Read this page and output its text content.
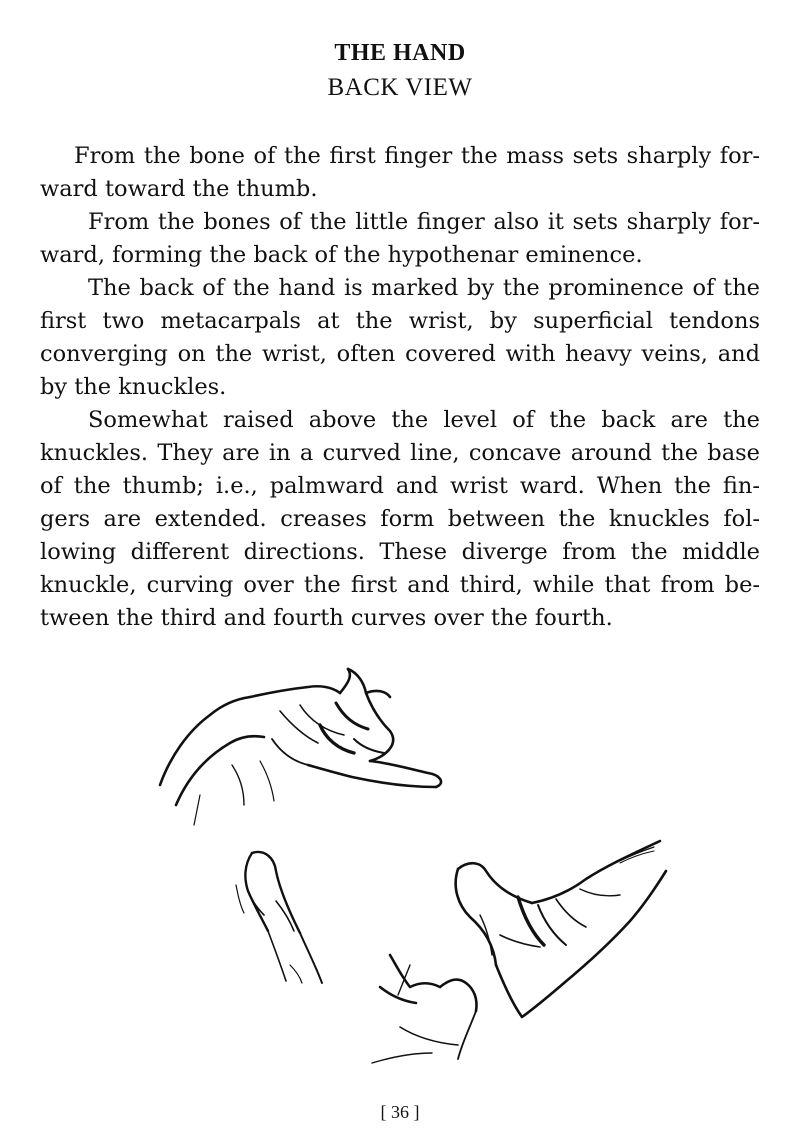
THE HAND
BACK VIEW

From the bone of the first finger the mass sets sharply for-ward toward the thumb.

From the bones of the little finger also it sets sharply for-ward, forming the back of the hypothenar eminence.

The back of the hand is marked by the prominence of the first two metacarpals at the wrist, by superficial tendons converging on the wrist, often covered with heavy veins, and by the knuckles.

Somewhat raised above the level of the back are the knuckles. They are in a curved line, concave around the base of the thumb; i.e., palmward and wrist ward. When the fin-gers are extended. creases form between the knuckles fol-lowing different directions. These diverge from the middle knuckle, curving over the first and third, while that from be-tween the third and fourth curves over the fourth.

[ 36 ]
